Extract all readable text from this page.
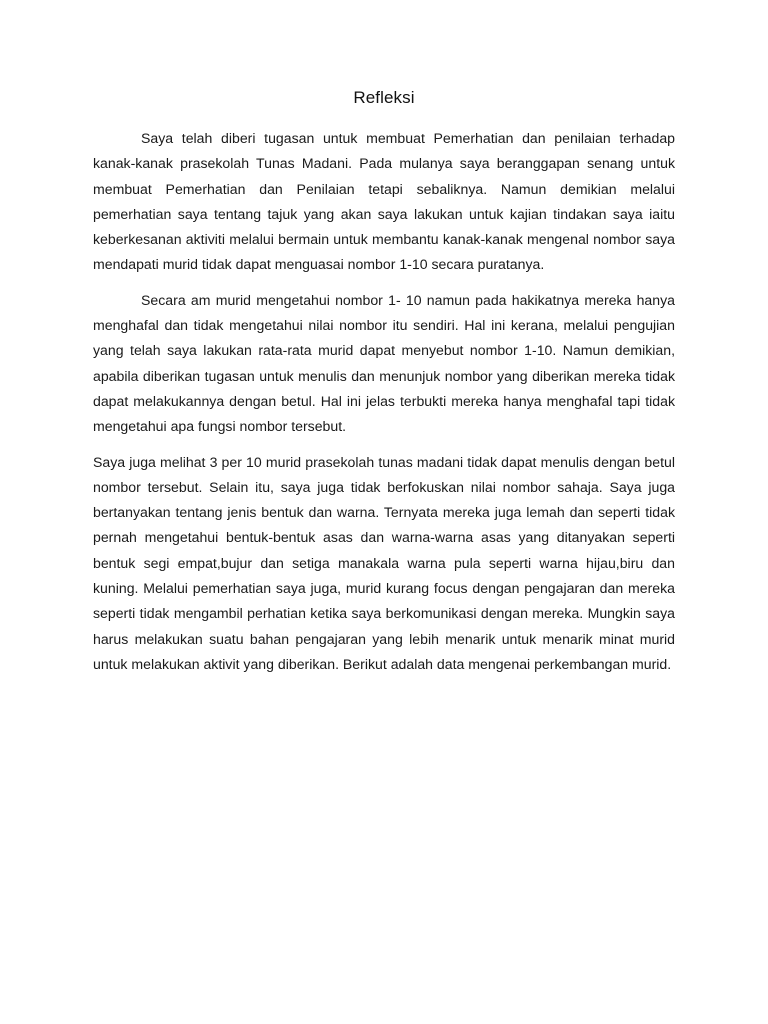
Refleksi

Saya telah diberi tugasan untuk membuat Pemerhatian dan penilaian terhadap kanak-kanak prasekolah Tunas Madani. Pada mulanya saya beranggapan senang untuk membuat Pemerhatian dan Penilaian tetapi sebaliknya. Namun demikian melalui pemerhatian saya tentang tajuk yang akan saya lakukan untuk kajian tindakan saya iaitu keberkesanan aktiviti melalui bermain untuk membantu kanak-kanak mengenal nombor saya mendapati murid tidak dapat menguasai nombor 1-10 secara puratanya.

Secara am murid mengetahui nombor 1- 10 namun pada hakikatnya mereka hanya menghafal dan tidak mengetahui nilai nombor itu sendiri. Hal ini kerana, melalui pengujian yang telah saya lakukan rata-rata murid dapat menyebut nombor 1-10. Namun demikian, apabila diberikan tugasan untuk menulis dan menunjuk nombor yang diberikan mereka tidak dapat melakukannya dengan betul. Hal ini jelas terbukti mereka hanya menghafal tapi tidak mengetahui apa fungsi nombor tersebut.

Saya juga melihat 3 per 10 murid prasekolah tunas madani tidak dapat menulis dengan betul nombor tersebut. Selain itu, saya juga tidak berfokuskan nilai nombor sahaja. Saya juga bertanyakan tentang jenis bentuk dan warna. Ternyata mereka juga lemah dan seperti tidak pernah mengetahui bentuk-bentuk asas dan warna-warna asas yang ditanyakan seperti bentuk segi empat,bujur dan setiga manakala warna pula seperti warna hijau,biru dan kuning. Melalui pemerhatian saya juga, murid kurang focus dengan pengajaran dan mereka seperti tidak mengambil perhatian ketika saya berkomunikasi dengan mereka. Mungkin saya harus melakukan suatu bahan pengajaran yang lebih menarik untuk menarik minat murid untuk melakukan aktivit yang diberikan. Berikut adalah data mengenai perkembangan murid.
